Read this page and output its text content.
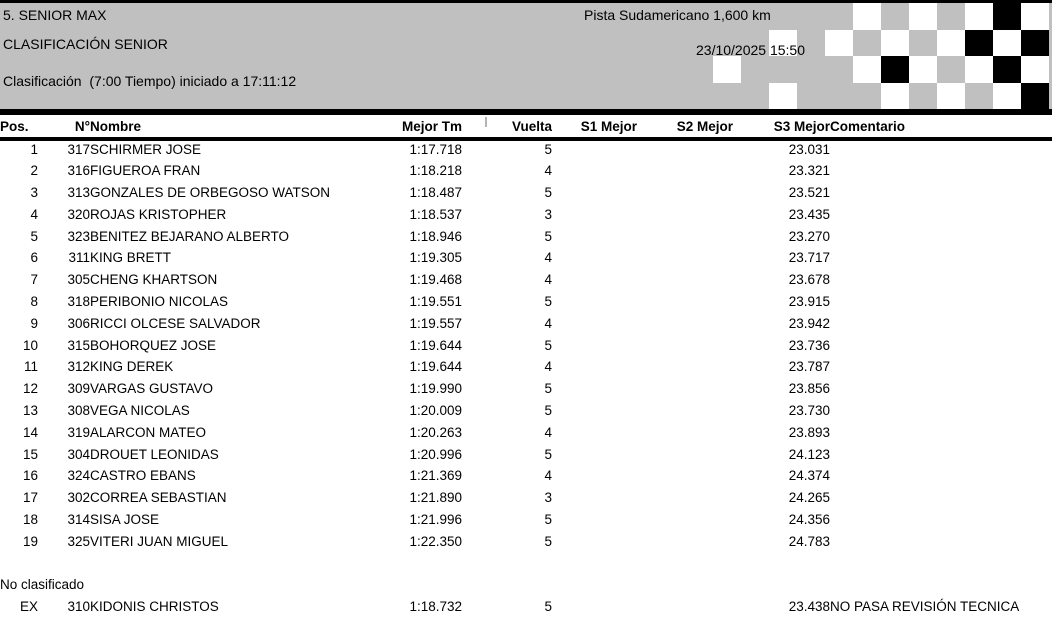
5. SENIOR MAX
CLASIFICACIÓN SENIOR
Clasificación  (7:00 Tiempo) iniciado a 17:11:12
Pista Sudamericano 1,600 km
23/10/2025 15:50
Pos.	N°	Nombre	Mejor Tm	Vuelta	S1 Mejor	S2 Mejor	S3 Mejor	Comentario
1	317	SCHIRMER JOSE	1:17.718	5			23.031	
2	316	FIGUEROA FRAN	1:18.218	4			23.321	
3	313	GONZALES DE ORBEGOSO WATSON	1:18.487	5			23.521	
4	320	ROJAS KRISTOPHER	1:18.537	3			23.435	
5	323	BENITEZ BEJARANO ALBERTO	1:18.946	5			23.270	
6	311	KING BRETT	1:19.305	4			23.717	
7	305	CHENG KHARTSON	1:19.468	4			23.678	
8	318	PERIBONIO NICOLAS	1:19.551	5			23.915	
9	306	RICCI OLCESE SALVADOR	1:19.557	4			23.942	
10	315	BOHORQUEZ JOSE	1:19.644	5			23.736	
11	312	KING DEREK	1:19.644	4			23.787	
12	309	VARGAS GUSTAVO	1:19.990	5			23.856	
13	308	VEGA NICOLAS	1:20.009	5			23.730	
14	319	ALARCON MATEO	1:20.263	4			23.893	
15	304	DROUET LEONIDAS	1:20.996	5			24.123	
16	324	CASTRO EBANS	1:21.369	4			24.374	
17	302	CORREA SEBASTIAN	1:21.890	3			24.265	
18	314	SISA JOSE	1:21.996	5			24.356	
19	325	VITERI JUAN MIGUEL	1:22.350	5			24.783	

No clasificado								
EX	310	KIDONIS CHRISTOS	1:18.732	5			23.438	NO PASA REVISIÓN TECNICA
